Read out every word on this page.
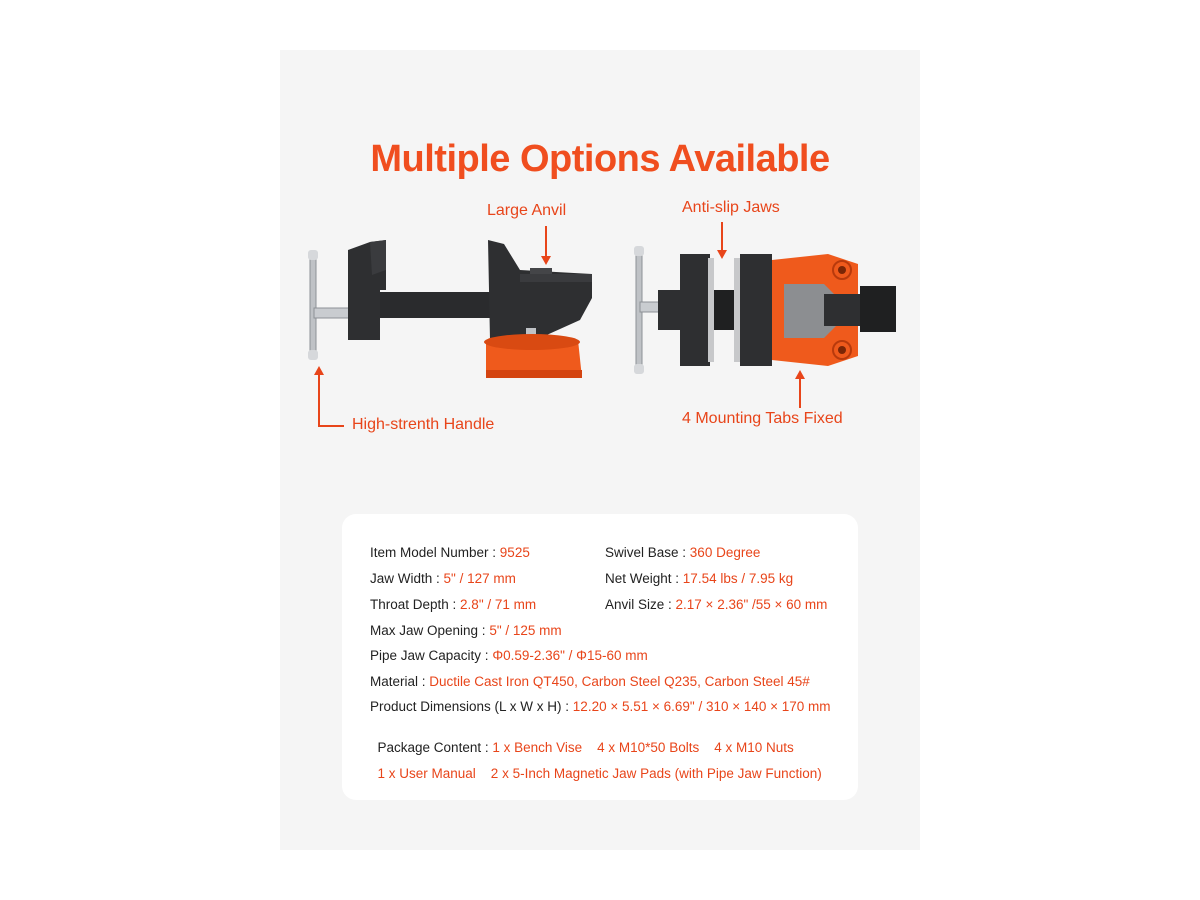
Multiple Options Available
Large Anvil	Anti-slip Jaws
High-strenth Handle	4 Mounting Tabs Fixed
Item Model Number : 9525	Swivel Base : 360 Degree
Jaw Width : 5" / 127 mm	Net Weight : 17.54 lbs / 7.95 kg
Throat Depth : 2.8" / 71 mm	Anvil Size : 2.17 × 2.36" /55 × 60 mm
Max Jaw Opening : 5" / 125 mm
Pipe Jaw Capacity : Φ0.59-2.36" / Φ15-60 mm
Material : Ductile Cast Iron QT450, Carbon Steel Q235, Carbon Steel 45#
Product Dimensions (L x W x H) : 12.20 × 5.51 × 6.69" / 310 × 140 × 170 mm

Package Content : 1 x Bench Vise    4 x M10*50 Bolts    4 x M10 Nuts

1 x User Manual    2 x 5-Inch Magnetic Jaw Pads (with Pipe Jaw Function)
